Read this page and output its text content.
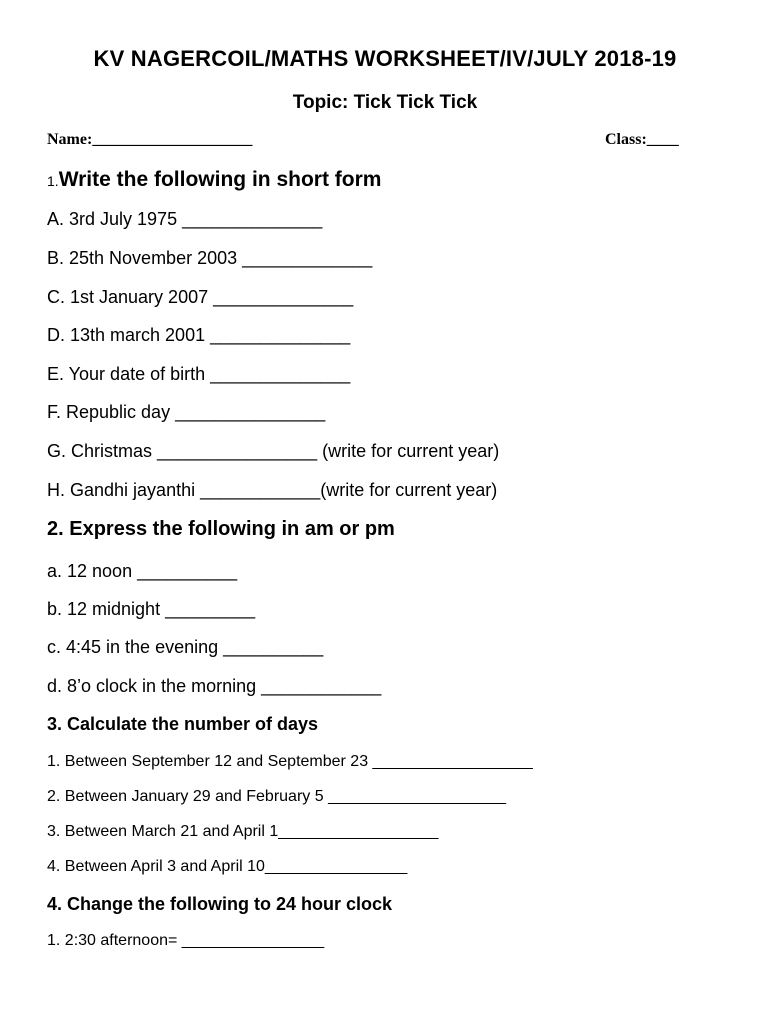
KV NAGERCOIL/MATHS WORKSHEET/IV/JULY 2018-19
Topic: Tick Tick Tick
Name:____________________	Class:____
1.Write the following in short form
A. 3rd July 1975 ______________
B. 25th November 2003 _____________
C. 1st January 2007 ______________
D. 13th march 2001 ______________
E. Your date of birth ______________
F. Republic day _______________
G. Christmas ________________ (write for current year)
H. Gandhi jayanthi ____________(write for current year)
2. Express the following in am or pm
a. 12 noon __________
b. 12 midnight _________
c. 4:45 in the evening __________
d. 8’o clock in the morning ____________
3. Calculate the number of days
1. Between September 12 and September 23 __________________
2. Between January 29 and February 5 ____________________
3. Between March 21 and April 1__________________
4. Between April 3 and April 10________________
4. Change the following to 24 hour clock
1. 2:30 afternoon= ________________
